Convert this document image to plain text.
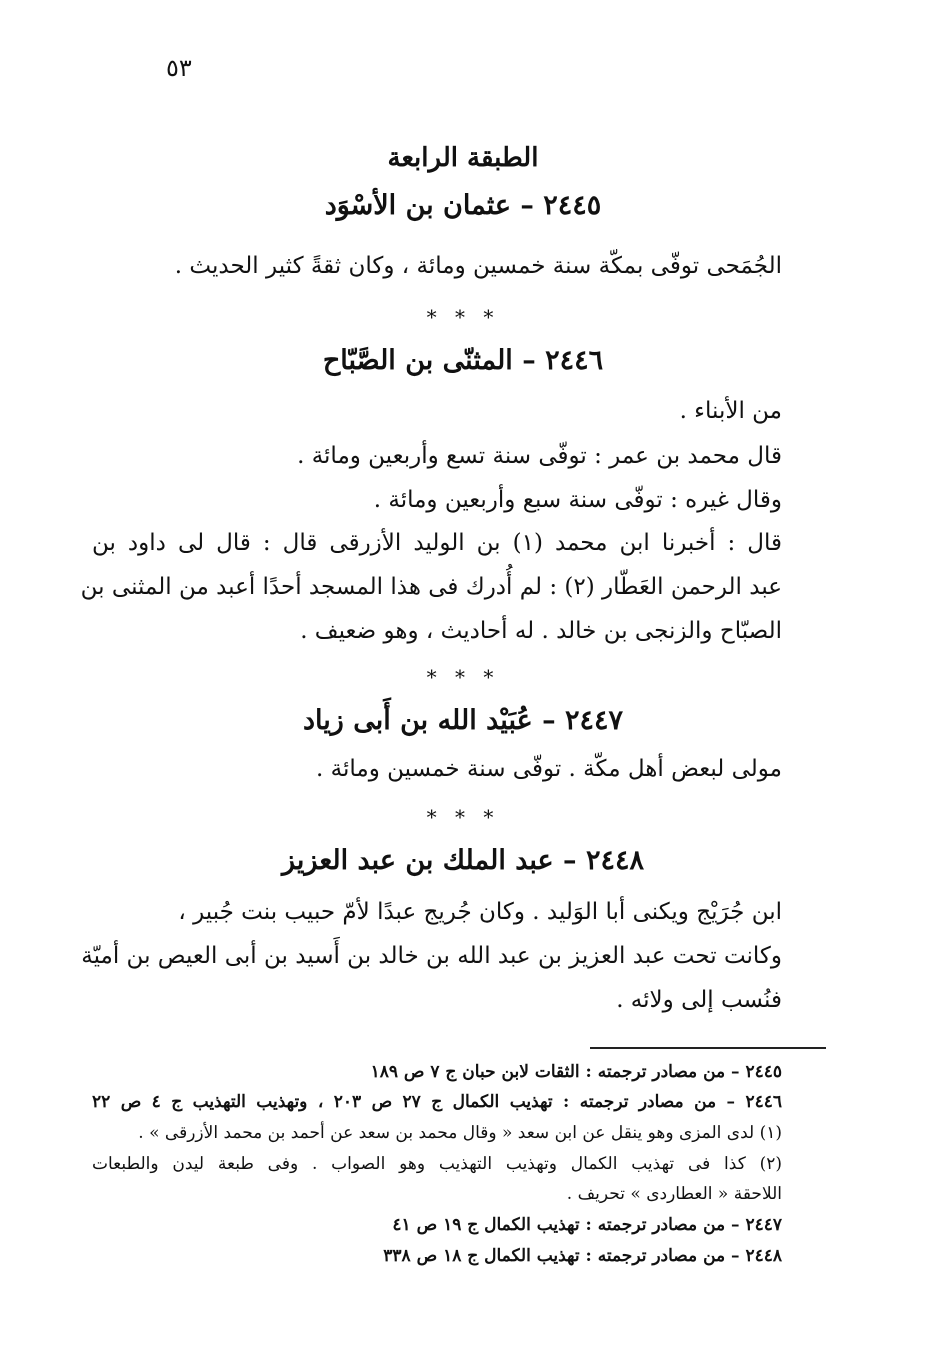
٥٣
الطبقة الرابعة
٢٤٤٥ – عثمان بن الأسْوَد
الجُمَحى توفّى بمكّة سنة خمسين ومائة ، وكان ثقةً كثير الحديث .
* * *
٢٤٤٦ – المثنّى بن الصَّبّاح
من الأبناء .
قال محمد بن عمر : توفّى سنة تسع وأربعين ومائة .
وقال غيره : توفّى سنة سبع وأربعين ومائة .
قال : أخبرنا ابن محمد (١) بن الوليد الأزرقى قال : قال لى داود بن
عبد الرحمن العَطّار (٢) : لم أُدرك فى هذا المسجد أحدًا أعبد من المثنى بن
الصبّاح والزنجى بن خالد . له أحاديث ، وهو ضعيف .
* * *
٢٤٤٧ – عُبَيْد الله بن أَبى زياد
مولى لبعض أهل مكّة . توفّى سنة خمسين ومائة .
* * *
٢٤٤٨ – عبد الملك بن عبد العزيز
ابن جُرَيْج ويكنى أبا الوَليد . وكان جُريج عبدًا لأمّ حبيب بنت جُبير ،
وكانت تحت عبد العزيز بن عبد الله بن خالد بن أَسيد بن أبى العيص بن أميّة
فنُسب إلى ولائه .
٢٤٤٥ – من مصادر ترجمته : الثقات لابن حبان ج ٧ ص ١٨٩
٢٤٤٦ – من مصادر ترجمته : تهذيب الكمال ج ٢٧ ص ٢٠٣ ، وتهذيب التهذيب ج ٤ ص ٢٢
(١) لدى المزى وهو ينقل عن ابن سعد « وقال محمد بن سعد عن أحمد بن محمد الأزرقى » .
(٢) كذا فى تهذيب الكمال وتهذيب التهذيب وهو الصواب . وفى طبعة ليدن والطبعات
اللاحقة « العطاردى » تحريف .
٢٤٤٧ – من مصادر ترجمته : تهذيب الكمال ج ١٩ ص ٤١
٢٤٤٨ – من مصادر ترجمته : تهذيب الكمال ج ١٨ ص ٣٣٨
